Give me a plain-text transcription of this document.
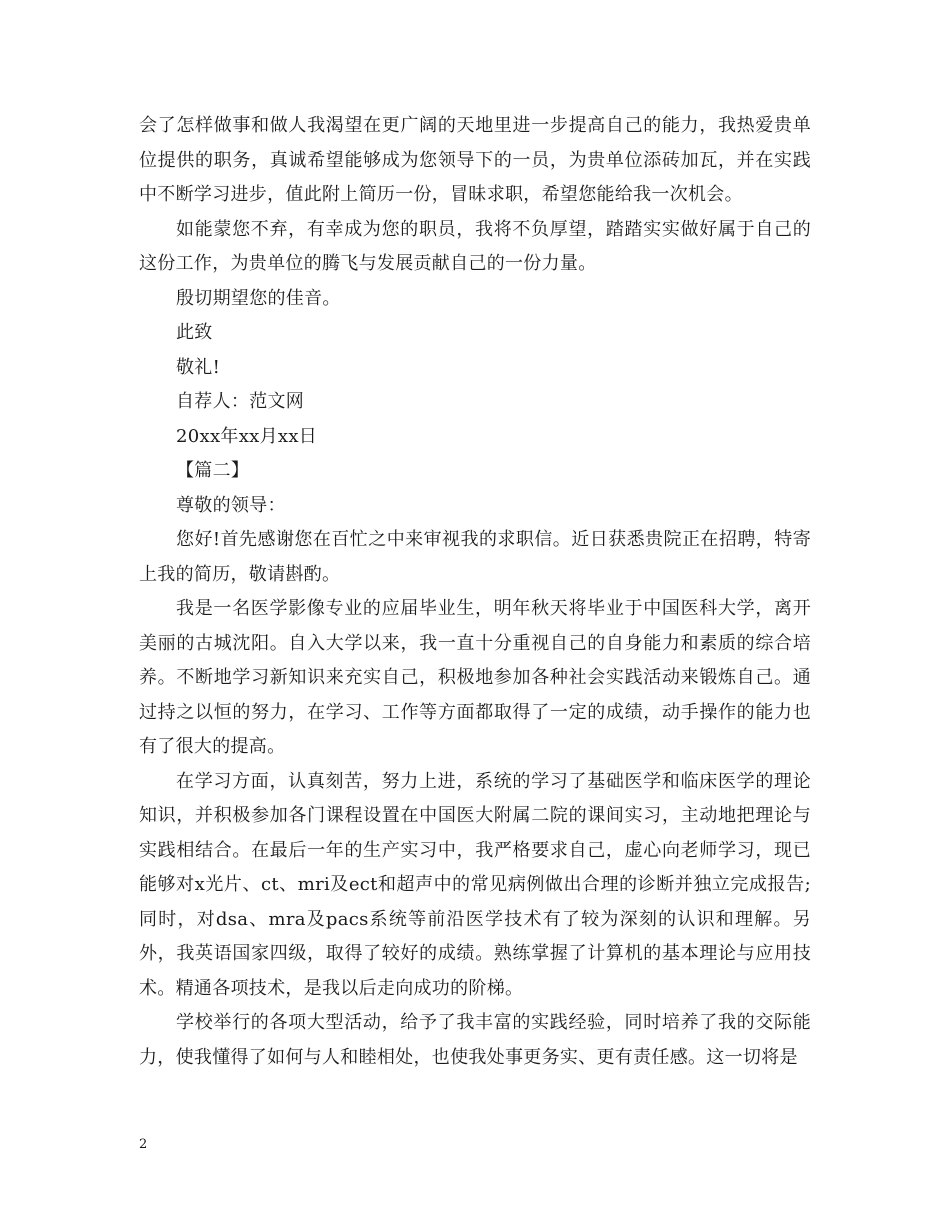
会了怎样做事和做人我渴望在更广阔的天地里进一步提高自己的能力，我热爱贵单位提供的职务，真诚希望能够成为您领导下的一员，为贵单位添砖加瓦，并在实践中不断学习进步，值此附上简历一份，冒昧求职，希望您能给我一次机会。

如能蒙您不弃，有幸成为您的职员，我将不负厚望，踏踏实实做好属于自己的这份工作，为贵单位的腾飞与发展贡献自己的一份力量。

殷切期望您的佳音。

此致

敬礼!

自荐人：范文网

20xx年xx月xx日

【篇二】

尊敬的领导：

您好!首先感谢您在百忙之中来审视我的求职信。近日获悉贵院正在招聘，特寄上我的简历，敬请斟酌。

我是一名医学影像专业的应届毕业生，明年秋天将毕业于中国医科大学，离开美丽的古城沈阳。自入大学以来，我一直十分重视自己的自身能力和素质的综合培养。不断地学习新知识来充实自己，积极地参加各种社会实践活动来锻炼自己。通过持之以恒的努力，在学习、工作等方面都取得了一定的成绩，动手操作的能力也有了很大的提高。

在学习方面，认真刻苦，努力上进，系统的学习了基础医学和临床医学的理论知识，并积极参加各门课程设置在中国医大附属二院的课间实习，主动地把理论与实践相结合。在最后一年的生产实习中，我严格要求自己，虚心向老师学习，现已能够对x光片、ct、mri及ect和超声中的常见病例做出合理的诊断并独立完成报告;同时，对dsa、mra及pacs系统等前沿医学技术有了较为深刻的认识和理解。另外，我英语国家四级，取得了较好的成绩。熟练掌握了计算机的基本理论与应用技术。精通各项技术，是我以后走向成功的阶梯。

学校举行的各项大型活动，给予了我丰富的实践经验，同时培养了我的交际能力，使我懂得了如何与人和睦相处，也使我处事更务实、更有责任感。这一切将是

2
